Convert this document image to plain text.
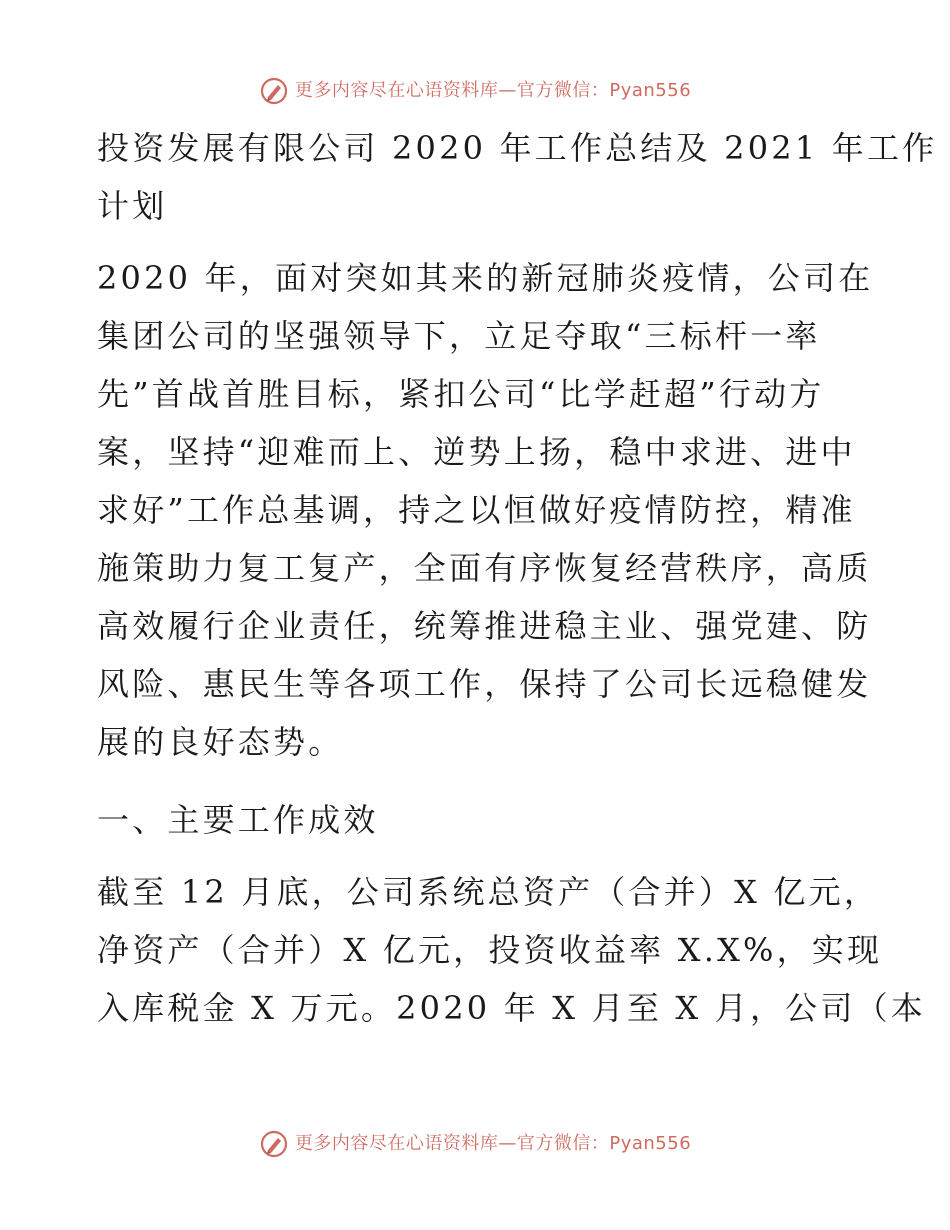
更多内容尽在心语资料库—官方微信：Pyan556
投资发展有限公司 2020 年工作总结及 2021 年工作
计划
2020 年，面对突如其来的新冠肺炎疫情，公司在
集团公司的坚强领导下，立足夺取“三标杆一率
先”首战首胜目标，紧扣公司“比学赶超”行动方
案，坚持“迎难而上、逆势上扬，稳中求进、进中
求好”工作总基调，持之以恒做好疫情防控，精准
施策助力复工复产，全面有序恢复经营秩序，高质
高效履行企业责任，统筹推进稳主业、强党建、防
风险、惠民生等各项工作，保持了公司长远稳健发
展的良好态势。
一、主要工作成效
截至 12 月底，公司系统总资产（合并）X 亿元，
净资产（合并）X 亿元，投资收益率 X.X%，实现
入库税金 X 万元。2020 年 X 月至 X 月，公司（本
更多内容尽在心语资料库—官方微信：Pyan556
